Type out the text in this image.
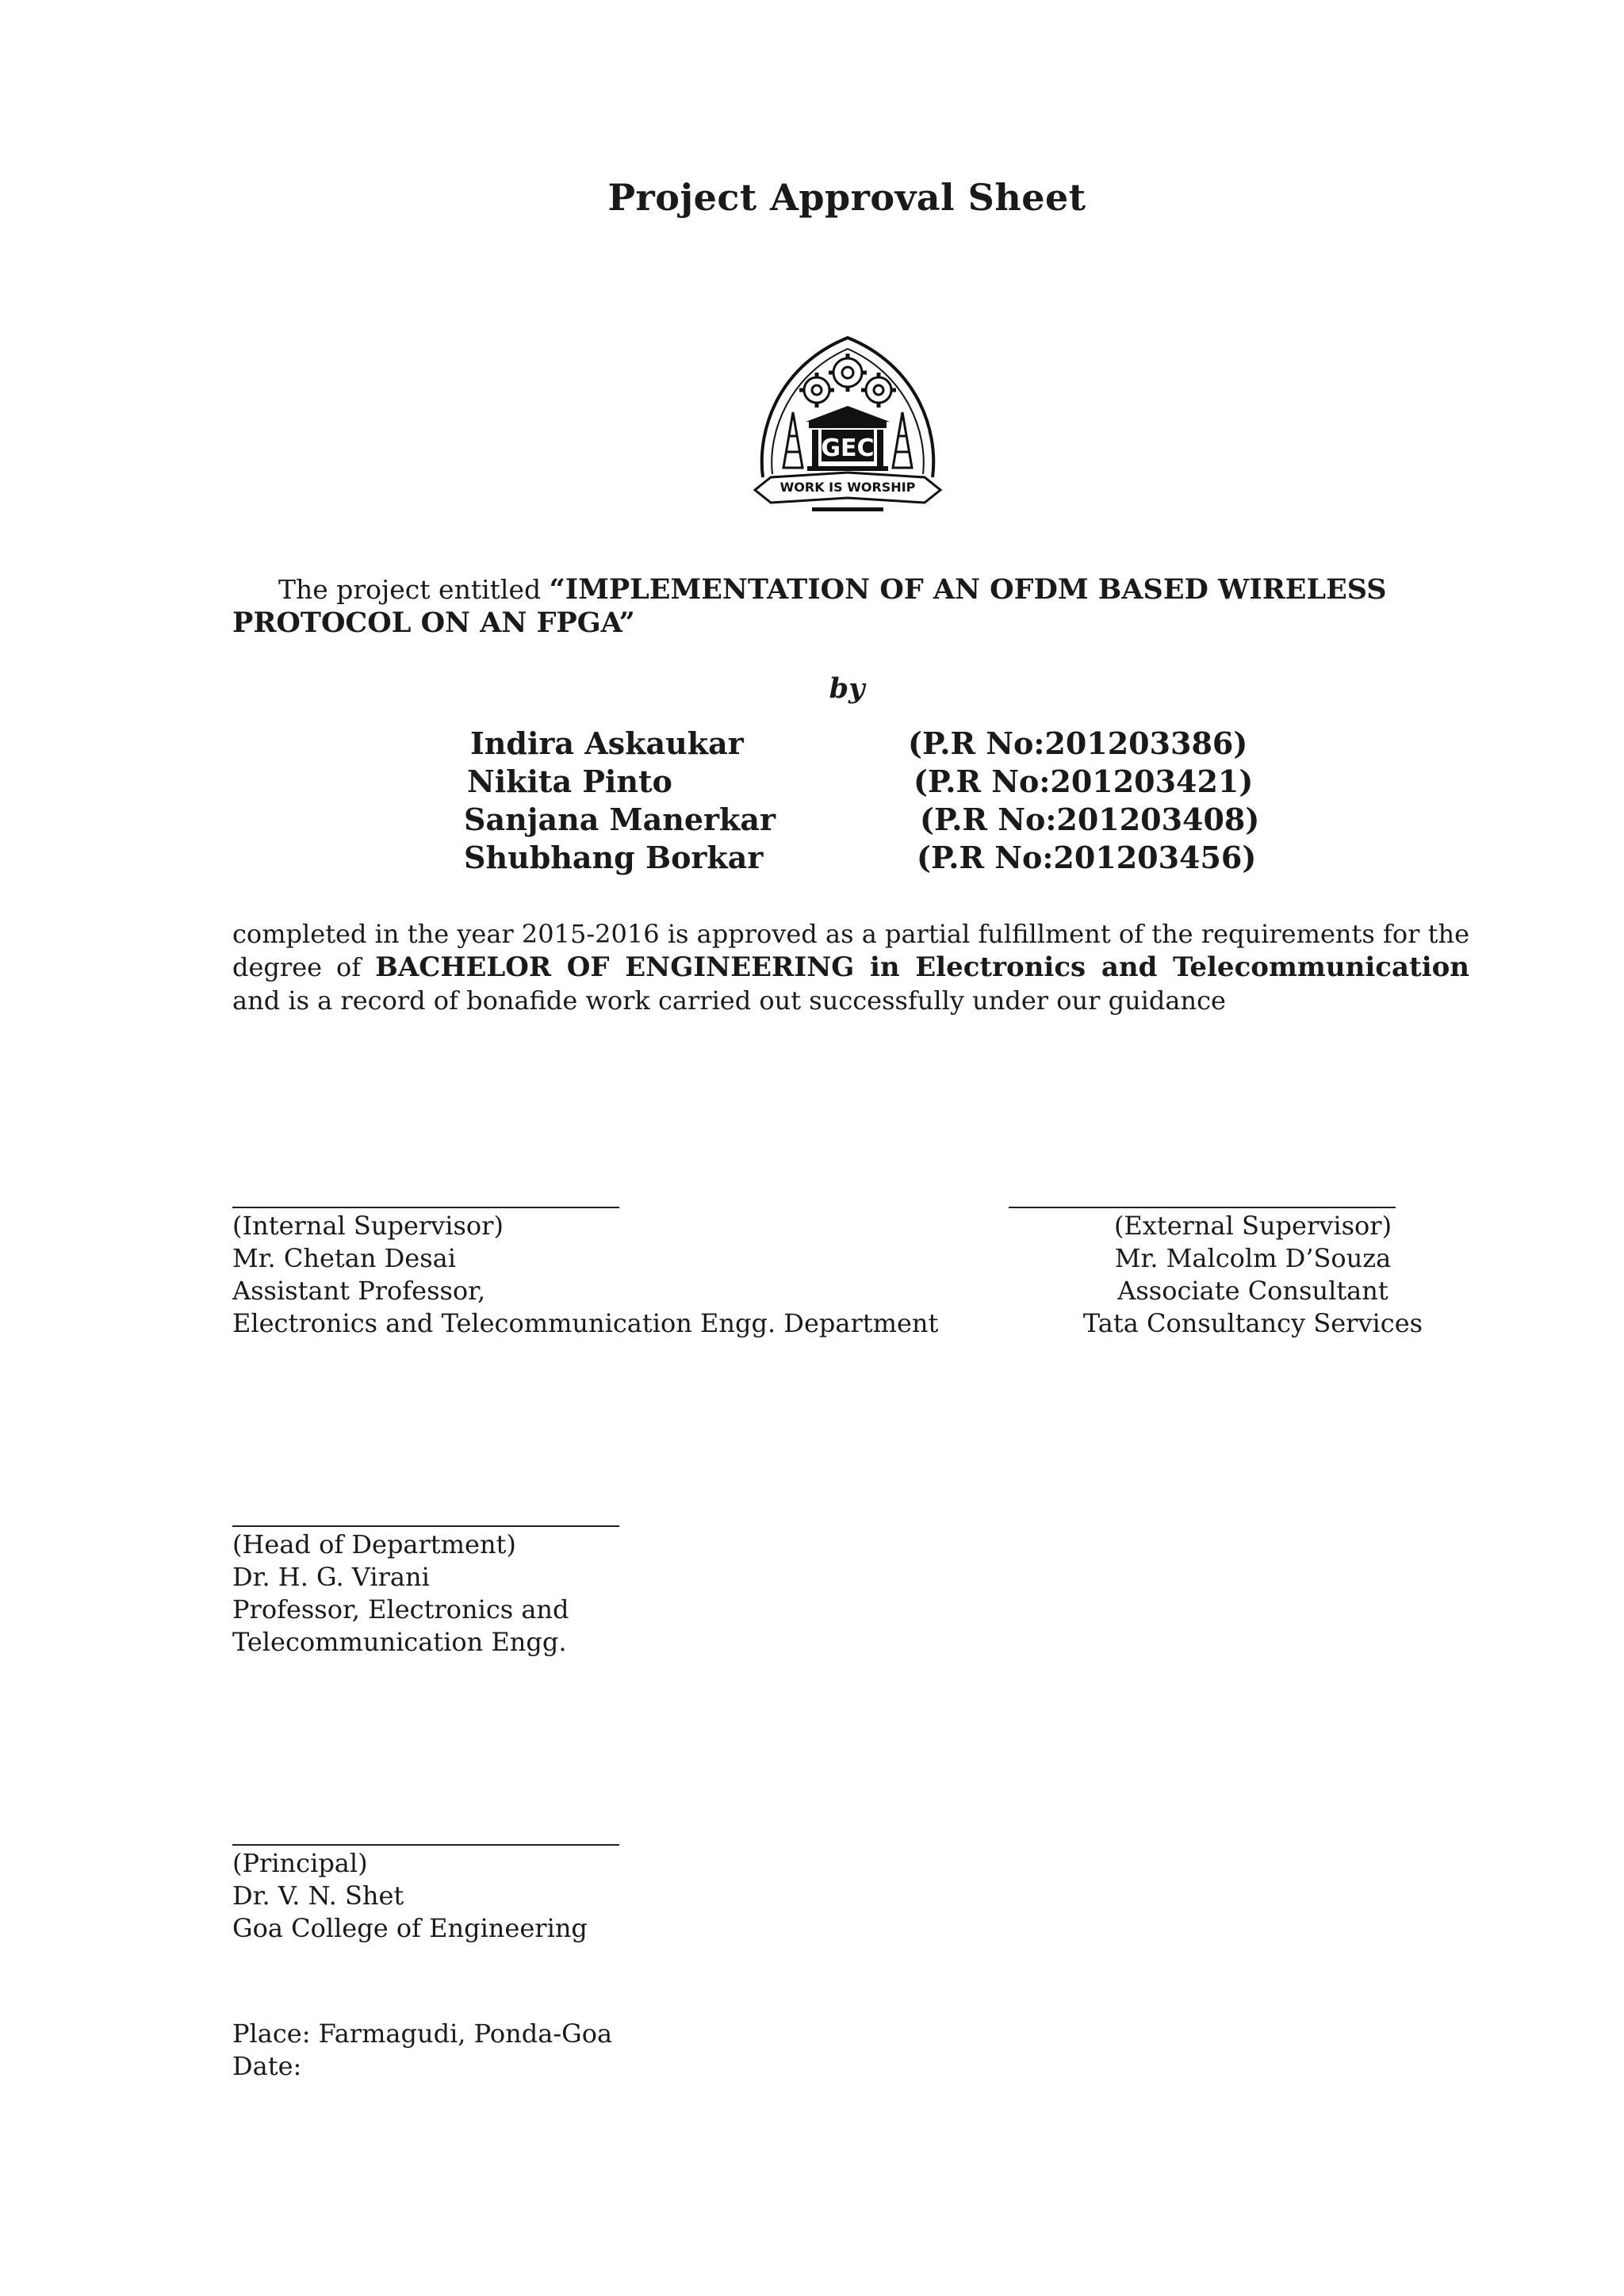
Project Approval Sheet
GEC
WORK IS WORSHIP
The project entitled “IMPLEMENTATION OF AN OFDM BASED WIRELESS PROTOCOL ON AN FPGA”
by
Indira Askaukar	(P.R No:201203386)
Nikita Pinto	(P.R No:201203421)
Sanjana Manerkar	(P.R No:201203408)
Shubhang Borkar	(P.R No:201203456)
completed in the year 2015-2016 is approved as a partial fulfillment of the requirements for the degree of BACHELOR OF ENGINEERING in Electronics and Telecommunication and is a record of bonafide work carried out successfully under our guidance
(Internal Supervisor)
Mr. Chetan Desai
Assistant Professor,
Electronics and Telecommunication Engg. Department
(External Supervisor)
Mr. Malcolm D’Souza
Associate Consultant
Tata Consultancy Services
(Head of Department)
Dr. H. G. Virani
Professor, Electronics and
Telecommunication Engg.
(Principal)
Dr. V. N. Shet
Goa College of Engineering
Place: Farmagudi, Ponda-Goa
Date:
